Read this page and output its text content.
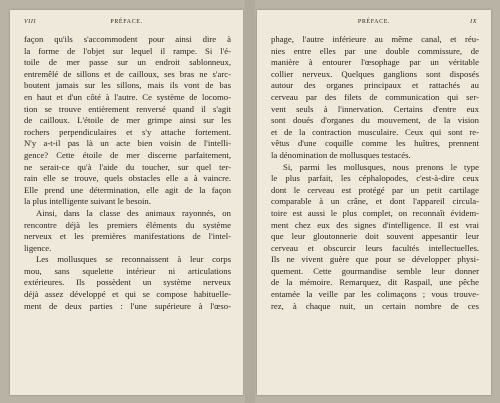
VIII	PRÉFACE.
façon qu'ils s'accommodent pour ainsi dire à
la forme de l'objet sur lequel il rampe. Si l'é-
toile de mer passe sur un endroit sablonneux,
entremêlé de sillons et de cailloux, ses bras ne s'arc-
boutent jamais sur les sillons, mais ils vont de bas
en haut et d'un côté à l'autre. Ce système de locomo-
tion se trouve entièrement renversé quand il s'agit
de cailloux. L'étoile de mer grimpe ainsi sur les
rochers perpendiculaires et s'y attache fortement.
N'y a-t-il pas là un acte bien voisin de l'intelli-
gence? Cette étoile de mer discerne parfaitement,
ne serait-ce qu'à l'aide du toucher, sur quel ter-
rain elle se trouve, quels obstacles elle a à vaincre.
Elle prend une détermination, elle agit de la façon
la plus intelligente suivant le besoin.
Ainsi, dans la classe des animaux rayonnés, on
rencontre déjà les premiers éléments du système
nerveux et les premières manifestations de l'intel-
ligence.
Les mollusques se reconnaissent à leur corps
mou, sans squelette intérieur ni articulations
extérieures. Ils possèdent un système nerveux
déjà assez développé et qui se compose habituelle-
ment de deux parties : l'une supérieure à l'œso-
PRÉFACE.	IX
phage, l'autre inférieure au même canal, et réu-
nies entre elles par une double commissure, de
manière à entourer l'œsophage par un véritable
collier nerveux. Quelques ganglions sont disposés
autour des organes principaux et rattachés au
cerveau par des filets de communication qui ser-
vent seuls à l'innervation. Certains d'entre eux
sont doués d'organes du mouvement, de la vision
et de la contraction musculaire. Ceux qui sont re-
vêtus d'une coquille comme les huîtres, prennent
la dénomination de mollusques testacés.
Si, parmi les mollusques, nous prenons le type
le plus parfait, les céphalopodes, c'est-à-dire ceux
dont le cerveau est protégé par un petit cartilage
comparable à un crâne, et dont l'appareil circula-
toire est aussi le plus complet, on reconnaît évidem-
ment chez eux des signes d'intelligence. Il est vrai
que leur gloutonnerie doit souvent appesantir leur
cerveau et obscurcir leurs facultés intellectuelles.
Ils ne vivent guère que pour se développer physi-
quement. Cette gourmandise semble leur donner
de la mémoire. Remarquez, dit Raspail, une pêche
entamée la veille par les colimaçons ; vous trouve-
rez, à chaque nuit, un certain nombre de ces
